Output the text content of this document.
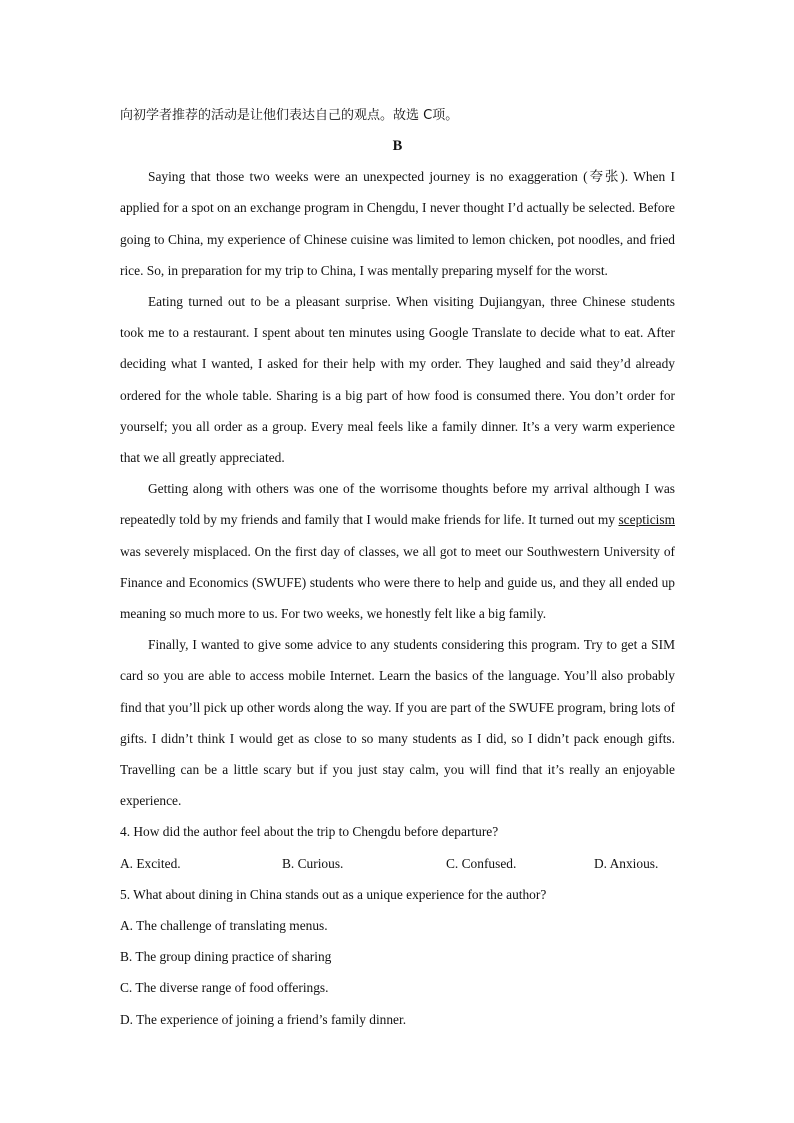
向初学者推荐的活动是让他们表达自己的观点。故选 C项。

B

Saying that those two weeks were an unexpected journey is no exaggeration (夸张). When I applied for a spot on an exchange program in Chengdu, I never thought I’d actually be selected. Before going to China, my experience of Chinese cuisine was limited to lemon chicken, pot noodles, and fried rice. So, in preparation for my trip to China, I was mentally preparing myself for the worst.

Eating turned out to be a pleasant surprise. When visiting Dujiangyan, three Chinese students took me to a restaurant. I spent about ten minutes using Google Translate to decide what to eat. After deciding what I wanted, I asked for their help with my order. They laughed and said they’d already ordered for the whole table. Sharing is a big part of how food is consumed there. You don’t order for yourself; you all order as a group. Every meal feels like a family dinner. It’s a very warm experience that we all greatly appreciated.

Getting along with others was one of the worrisome thoughts before my arrival although I was repeatedly told by my friends and family that I would make friends for life. It turned out my scepticism was severely misplaced. On the first day of classes, we all got to meet our Southwestern University of Finance and Economics (SWUFE) students who were there to help and guide us, and they all ended up meaning so much more to us. For two weeks, we honestly felt like a big family.

Finally, I wanted to give some advice to any students considering this program. Try to get a SIM card so you are able to access mobile Internet. Learn the basics of the language. You’ll also probably find that you’ll pick up other words along the way. If you are part of the SWUFE program, bring lots of gifts. I didn’t think I would get as close to so many students as I did, so I didn’t pack enough gifts. Travelling can be a little scary but if you just stay calm, you will find that it’s really an enjoyable experience.

4. How did the author feel about the trip to Chengdu before departure?

A. Excited.	B. Curious.	C. Confused.	D. Anxious.

5. What about dining in China stands out as a unique experience for the author?

A. The challenge of translating menus.

B. The group dining practice of sharing

C. The diverse range of food offerings.

D. The experience of joining a friend’s family dinner.
